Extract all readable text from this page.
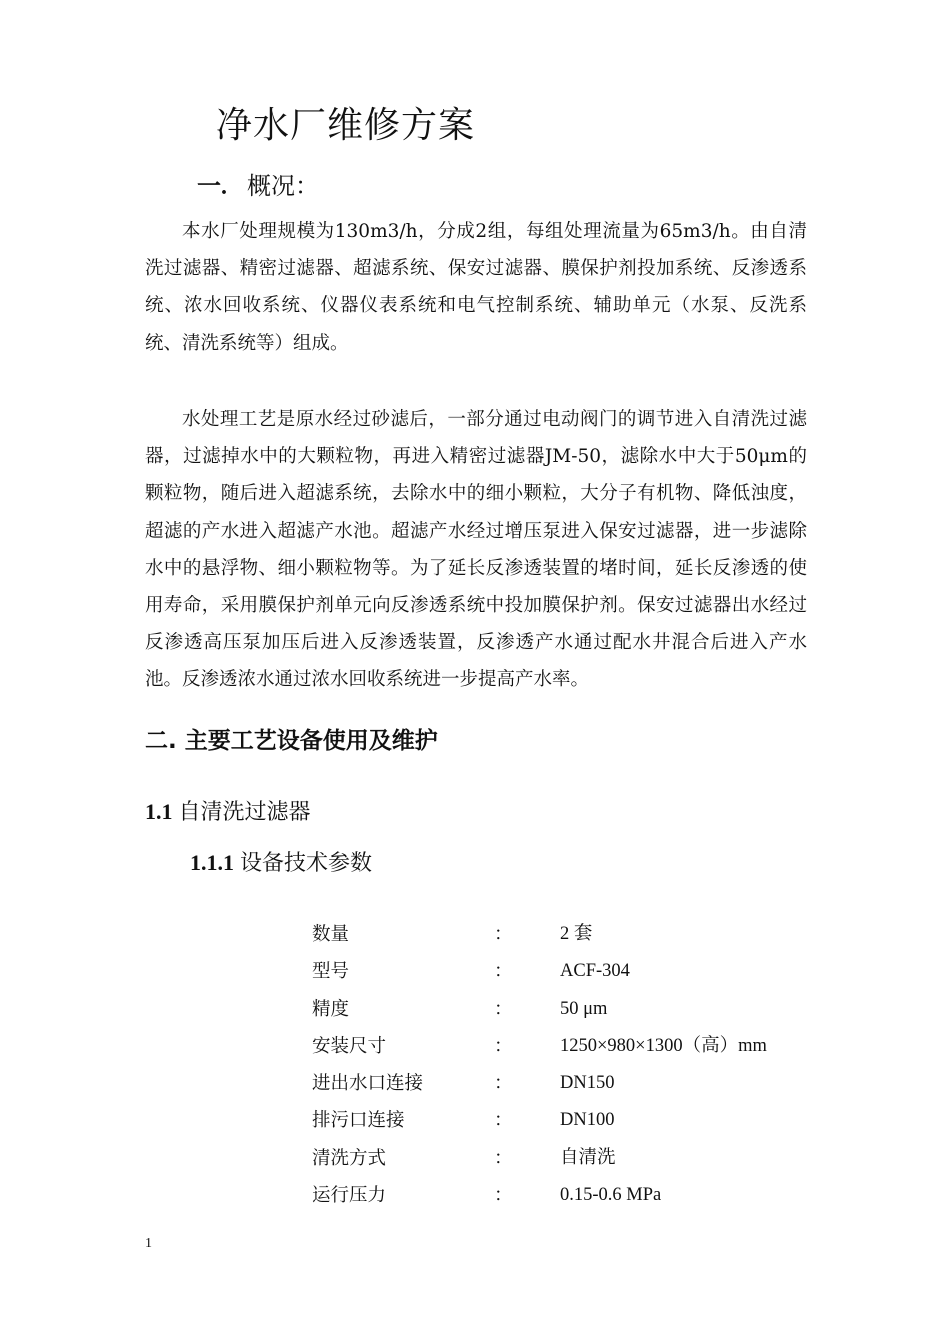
净水厂维修方案
一. 概况：

本水厂处理规模为130m3/h，分成2组，每组处理流量为65m3/h。由自清洗过滤器、精密过滤器、超滤系统、保安过滤器、膜保护剂投加系统、反渗透系统、浓水回收系统、仪器仪表系统和电气控制系统、辅助单元（水泵、反洗系统、清洗系统等）组成。

水处理工艺是原水经过砂滤后，一部分通过电动阀门的调节进入自清洗过滤器，过滤掉水中的大颗粒物，再进入精密过滤器JM-50，滤除水中大于50μm的颗粒物，随后进入超滤系统，去除水中的细小颗粒，大分子有机物、降低浊度，超滤的产水进入超滤产水池。超滤产水经过增压泵进入保安过滤器，进一步滤除水中的悬浮物、细小颗粒物等。为了延长反渗透装置的堵时间，延长反渗透的使用寿命，采用膜保护剂单元向反渗透系统中投加膜保护剂。保安过滤器出水经过反渗透高压泵加压后进入反渗透装置，反渗透产水通过配水井混合后进入产水池。反渗透浓水通过浓水回收系统进一步提高产水率。

二. 主要工艺设备使用及维护
1.1 自清洗过滤器
1.1.1 设备技术参数
数量	：	2 套
型号	：	ACF-304
精度	：	50 μm
安装尺寸	：	1250×980×1300（高）mm
进出水口连接	：	DN150
排污口连接	：	DN100
清洗方式	：	自清洗
运行压力	：	0.15-0.6 MPa
1
